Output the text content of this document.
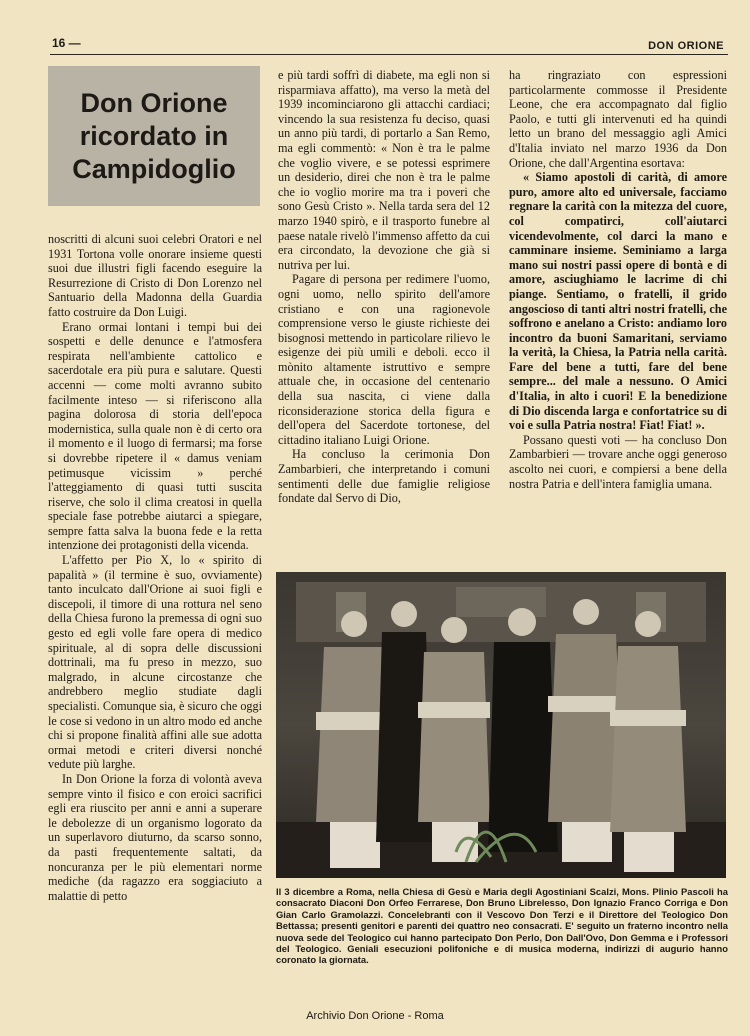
16 —	DON ORIONE
Don Orione ricordato in Campidoglio

noscritti di alcuni suoi celebri Oratori e nel 1931 Tortona volle onorare insieme questi suoi due illustri figli facendo eseguire la Resurrezione di Cristo di Don Lorenzo nel Santuario della Madonna della Guardia fatto costruire da Don Luigi.

Erano ormai lontani i tempi bui dei sospetti e delle denunce e l'atmosfera respirata nell'ambiente cattolico e sacerdotale era più pura e salutare. Questi accenni — come molti avranno subito facilmente inteso — si riferiscono alla pagina dolorosa di storia dell'epoca modernistica, sulla quale non è di certo ora il momento e il luogo di fermarsi; ma forse si dovrebbe ripetere il « damus veniam petimusque vicissim » perché l'atteggiamento di quasi tutti suscita riserve, che solo il clima creatosi in quella speciale fase potrebbe aiutarci a spiegare, sempre fatta salva la buona fede e la retta intenzione dei protagonisti della vicenda.

L'affetto per Pio X, lo « spirito di papalità » (il termine è suo, ovviamente) tanto inculcato dall'Orione ai suoi figli e discepoli, il timore di una rottura nel seno della Chiesa furono la premessa di ogni suo gesto ed egli volle fare opera di medico spirituale, al di sopra delle discussioni dottrinali, ma fu preso in mezzo, suo malgrado, in alcune circostanze che andrebbero meglio studiate dagli specialisti. Comunque sia, è sicuro che oggi le cose si vedono in un altro modo ed anche chi si propone finalità affini alle sue adotta ormai metodi e criteri diversi nonché vedute più larghe.

In Don Orione la forza di volontà aveva sempre vinto il fisico e con eroici sacrifici egli era riuscito per anni e anni a superare le debolezze di un organismo logorato da un superlavoro diuturno, da scarso sonno, da pasti frequentemente saltati, da noncuranza per le più elementari norme mediche (da ragazzo era soggiaciuto a malattie di petto

e più tardi soffrì di diabete, ma egli non si risparmiava affatto), ma verso la metà del 1939 incominciarono gli attacchi cardiaci; vincendo la sua resistenza fu deciso, quasi un anno più tardi, di portarlo a San Remo, ma egli commentò: « Non è tra le palme che voglio vivere, e se potessi esprimere un desiderio, direi che non è tra le palme che io voglio morire ma tra i poveri che sono Gesù Cristo ». Nella tarda sera del 12 marzo 1940 spirò, e il trasporto funebre al paese natale rivelò l'immenso affetto da cui era circondato, la devozione che già si nutriva per lui.

Pagare di persona per redimere l'uomo, ogni uomo, nello spirito dell'amore cristiano e con una ragionevole comprensione verso le giuste richieste dei bisognosi mettendo in particolare rilievo le esigenze dei più umili e deboli. ecco il mònito altamente istruttivo e sempre attuale che, in occasione del centenario della sua nascita, ci viene dalla riconsiderazione storica della figura e dell'opera del Sacerdote tortonese, del cittadino italiano Luigi Orione.

Ha concluso la cerimonia Don Zambarbieri, che interpretando i comuni sentimenti delle due famiglie religiose fondate dal Servo di Dio,

ha ringraziato con espressioni particolarmente commosse il Presidente Leone, che era accompagnato dal figlio Paolo, e tutti gli intervenuti ed ha quindi letto un brano del messaggio agli Amici d'Italia inviato nel marzo 1936 da Don Orione, che dall'Argentina esortava:

« Siamo apostoli di carità, di amore puro, amore alto ed universale, facciamo regnare la carità con la mitezza del cuore, col compatirci, coll'aiutarci vicendevolmente, col darci la mano e camminare insieme. Seminiamo a larga mano sui nostri passi opere di bontà e di amore, asciughiamo le lacrime di chi piange. Sentiamo, o fratelli, il grido angoscioso di tanti altri nostri fratelli, che soffrono e anelano a Cristo: andiamo loro incontro da buoni Samaritani, serviamo la verità, la Chiesa, la Patria nella carità. Fare del bene a tutti, fare del bene sempre... del male a nessuno. O Amici d'Italia, in alto i cuori! E la benedizione di Dio discenda larga e confortatrice su di voi e sulla Patria nostra! Fiat! Fiat! ».

Possano questi voti — ha concluso Don Zambarbieri — trovare anche oggi generoso ascolto nei cuori, e compiersi a bene della nostra Patria e dell'intera famiglia umana.

Il 3 dicembre a Roma, nella Chiesa di Gesù e Maria degli Agostiniani Scalzi, Mons. Plinio Pascoli ha consacrato Diaconi Don Orfeo Ferrarese, Don Bruno Librelesso, Don Ignazio Franco Corriga e Don Gian Carlo Gramolazzi. Concelebranti con il Vescovo Don Terzi e il Direttore del Teologico Don Bettassa; presenti genitori e parenti dei quattro neo consacrati. E' seguito un fraterno incontro nella nuova sede del Teologico cui hanno partecipato Don Perlo, Don Dall'Ovo, Don Gemma e i Professori del Teologico. Geniali esecuzioni polifoniche e di musica moderna, indirizzi di augurio hanno coronato la giornata.
Archivio Don Orione - Roma
